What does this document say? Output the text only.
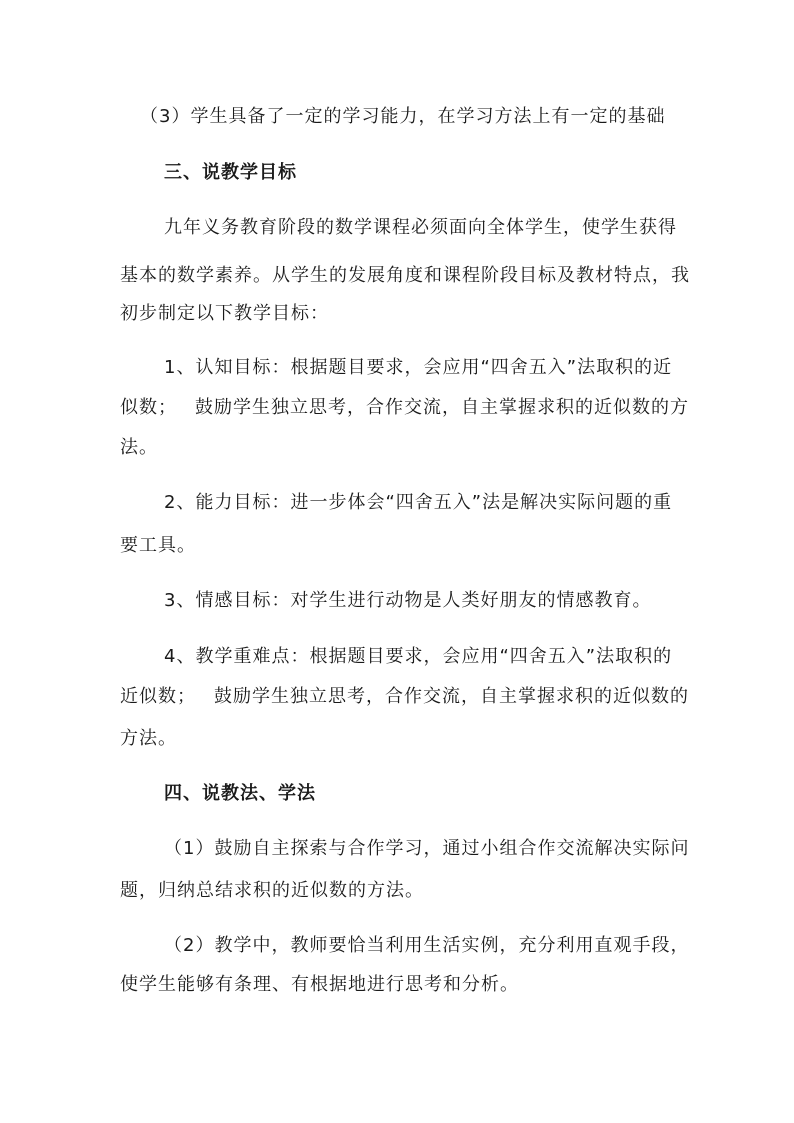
（3）学生具备了一定的学习能力，在学习方法上有一定的基础
三、说教学目标
九年义务教育阶段的数学课程必须面向全体学生，使学生获得
基本的数学素养。从学生的发展角度和课程阶段目标及教材特点，我
初步制定以下教学目标：
1、认知目标：根据题目要求，会应用“四舍五入”法取积的近
似数； 鼓励学生独立思考，合作交流，自主掌握求积的近似数的方
法。
2、能力目标：进一步体会“四舍五入”法是解决实际问题的重
要工具。
3、情感目标：对学生进行动物是人类好朋友的情感教育。
4、教学重难点：根据题目要求，会应用“四舍五入”法取积的
近似数； 鼓励学生独立思考，合作交流，自主掌握求积的近似数的
方法。
四、说教法、学法
（1）鼓励自主探索与合作学习，通过小组合作交流解决实际问
题，归纳总结求积的近似数的方法。
（2）教学中，教师要恰当利用生活实例，充分利用直观手段，
使学生能够有条理、有根据地进行思考和分析。
